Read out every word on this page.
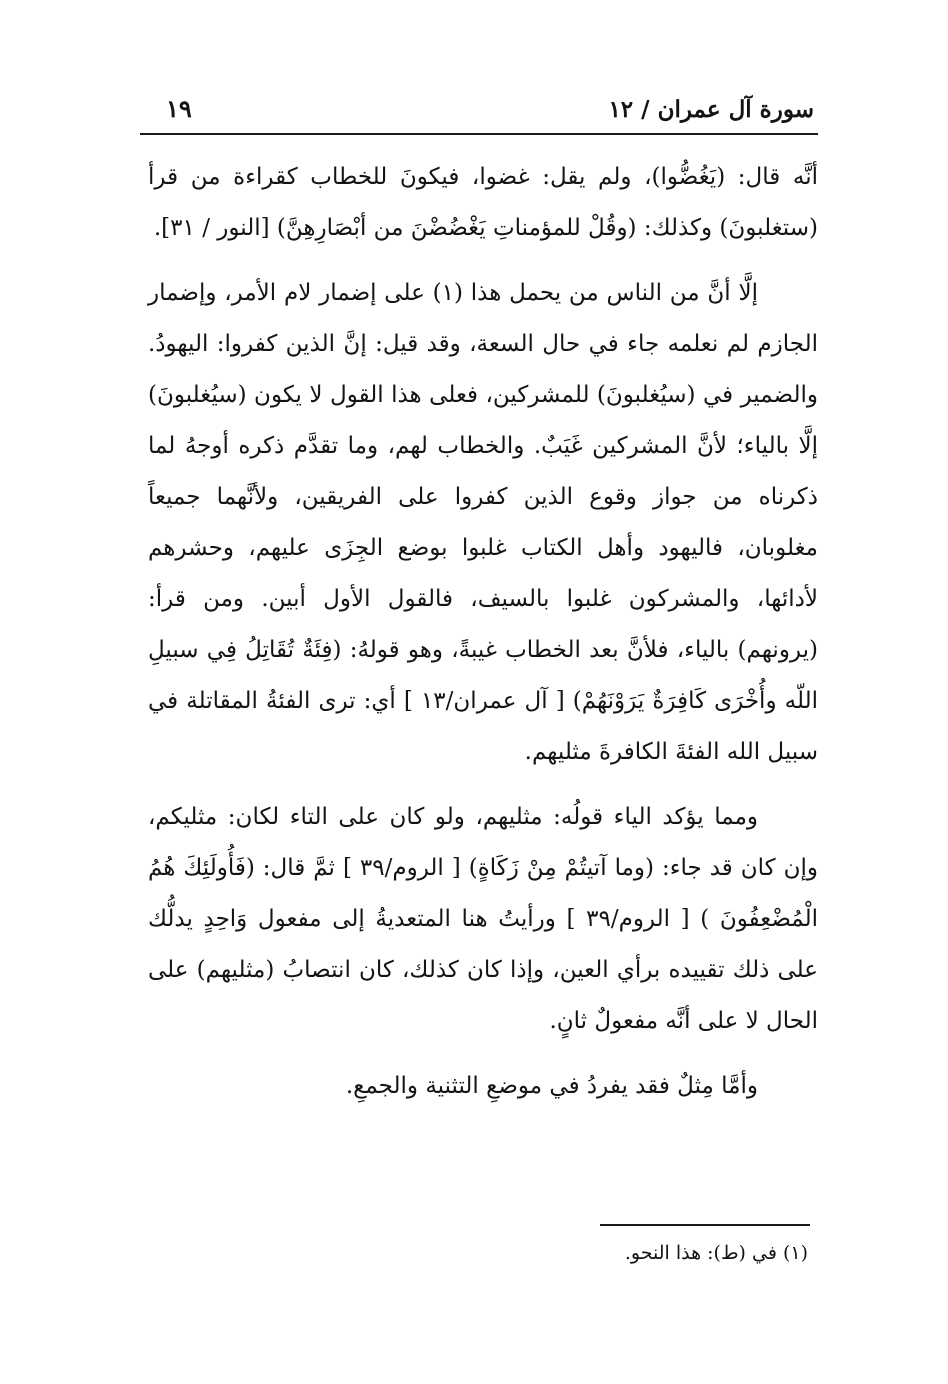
سورة آل عمران / ١٢
١٩

أنَّه قال: (يَغُضُّوا)، ولم يقل: غضوا، فيكونَ للخطاب كقراءة من قرأ (ستغلبونَ) وكذلك: (وقُلْ للمؤمناتِ يَغْضُضْنَ من أبْصَارِهِنَّ) [النور / ٣١].

إلَّا أنَّ من الناس من يحمل هذا (١) على إضمار لام الأمر، وإضمار الجازم لم نعلمه جاء في حال السعة، وقد قيل: إنَّ الذين كفروا: اليهودُ. والضمير في (سيُغلبونَ) للمشركين، فعلى هذا القول لا يكون (سيُغلبونَ) إلَّا بالياء؛ لأنَّ المشركين غَيَبٌ. والخطاب لهم، وما تقدَّم ذكره أوجهُ لما ذكرناه من جواز وقوع الذين كفروا على الفريقين، ولأنَّهما جميعاً مغلوبان، فاليهود وأهل الكتاب غلبوا بوضع الجِزَى عليهم، وحشرهم لأدائها، والمشركون غلبوا بالسيف، فالقول الأول أبين. ومن قرأ: (يرونهم) بالياء، فلأنَّ بعد الخطاب غيبةً، وهو قولهُ: (فِئَةٌ تُقَاتِلُ فِي سبيلِ اللّه وأُخْرَى كَافِرَةٌ يَرَوْنَهُمْ) [ آل عمران/١٣ ] أي: ترى الفئةُ المقاتلة في سبيل الله الفئةَ الكافرةَ مثليهم.

ومما يؤكد الياء قولُه: مثليهم، ولو كان على التاء لكان: مثليكم، وإن كان قد جاء: (وما آتيتُمْ مِنْ زَكَاةٍ) [ الروم/٣٩ ] ثمَّ قال: (فَأُولَئِكَ هُمُ الْمُضْعِفُونَ ) [ الروم/٣٩ ] ورأيتُ هنا المتعديةُ إلى مفعول وَاحِدٍ يدلُّك على ذلك تقييده برأي العين، وإذا كان كذلك، كان انتصابُ (مثليهم) على الحال لا على أنَّه مفعولٌ ثانٍ.

وأمَّا مِثلٌ فقد يفردُ في موضعِ التثنية والجمعِ.

(١) في (ط): هذا النحو.
